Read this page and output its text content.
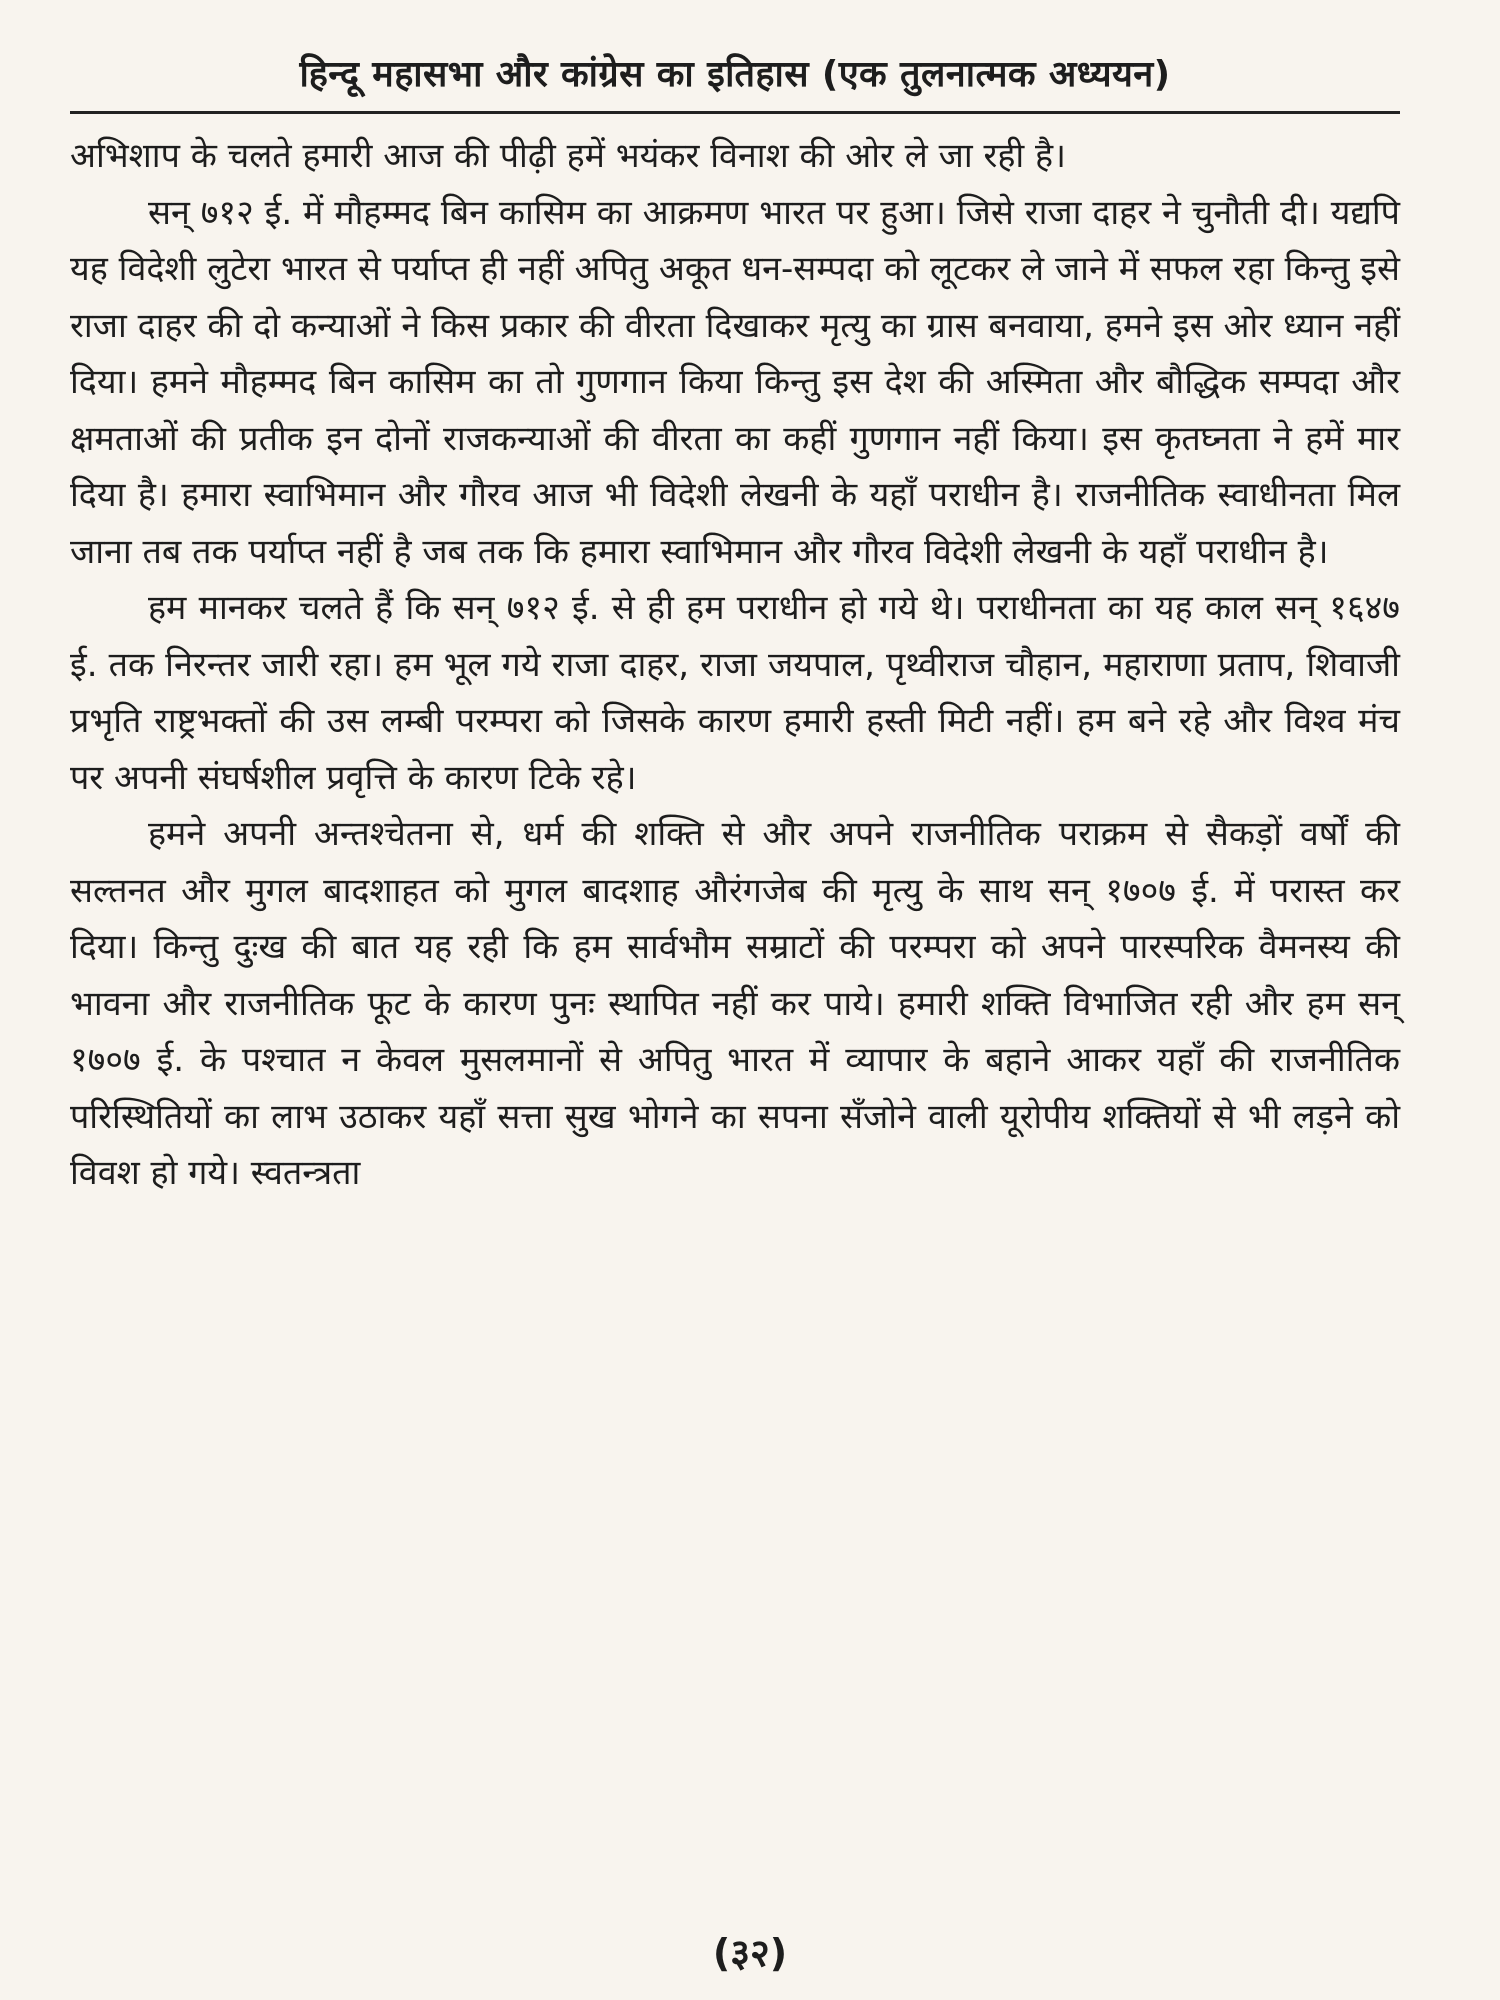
हिन्दू महासभा और कांग्रेस का इतिहास (एक तुलनात्मक अध्ययन)

अभिशाप के चलते हमारी आज की पीढ़ी हमें भयंकर विनाश की ओर ले जा रही है।

सन् ७१२ ई. में मौहम्मद बिन कासिम का आक्रमण भारत पर हुआ। जिसे राजा दाहर ने चुनौती दी। यद्यपि यह विदेशी लुटेरा भारत से पर्याप्त ही नहीं अपितु अकूत धन-सम्पदा को लूटकर ले जाने में सफल रहा किन्तु इसे राजा दाहर की दो कन्याओं ने किस प्रकार की वीरता दिखाकर मृत्यु का ग्रास बनवाया, हमने इस ओर ध्यान नहीं दिया। हमने मौहम्मद बिन कासिम का तो गुणगान किया किन्तु इस देश की अस्मिता और बौद्धिक सम्पदा और क्षमताओं की प्रतीक इन दोनों राजकन्याओं की वीरता का कहीं गुणगान नहीं किया। इस कृतघ्नता ने हमें मार दिया है। हमारा स्वाभिमान और गौरव आज भी विदेशी लेखनी के यहाँ पराधीन है। राजनीतिक स्वाधीनता मिल जाना तब तक पर्याप्त नहीं है जब तक कि हमारा स्वाभिमान और गौरव विदेशी लेखनी के यहाँ पराधीन है।

हम मानकर चलते हैं कि सन् ७१२ ई. से ही हम पराधीन हो गये थे। पराधीनता का यह काल सन् १६४७ ई. तक निरन्तर जारी रहा। हम भूल गये राजा दाहर, राजा जयपाल, पृथ्वीराज चौहान, महाराणा प्रताप, शिवाजी प्रभृति राष्ट्रभक्तों की उस लम्बी परम्परा को जिसके कारण हमारी हस्ती मिटी नहीं। हम बने रहे और विश्व मंच पर अपनी संघर्षशील प्रवृत्ति के कारण टिके रहे।

हमने अपनी अन्तश्चेतना से, धर्म की शक्ति से और अपने राजनीतिक पराक्रम से सैकड़ों वर्षों की सल्तनत और मुगल बादशाहत को मुगल बादशाह औरंगजेब की मृत्यु के साथ सन् १७०७ ई. में परास्त कर दिया। किन्तु दुःख की बात यह रही कि हम सार्वभौम सम्राटों की परम्परा को अपने पारस्परिक वैमनस्य की भावना और राजनीतिक फूट के कारण पुनः स्थापित नहीं कर पाये। हमारी शक्ति विभाजित रही और हम सन् १७०७ ई. के पश्चात न केवल मुसलमानों से अपितु भारत में व्यापार के बहाने आकर यहाँ की राजनीतिक परिस्थितियों का लाभ उठाकर यहाँ सत्ता सुख भोगने का सपना सँजोने वाली यूरोपीय शक्तियों से भी लड़ने को विवश हो गये। स्वतन्त्रता

(३२)
